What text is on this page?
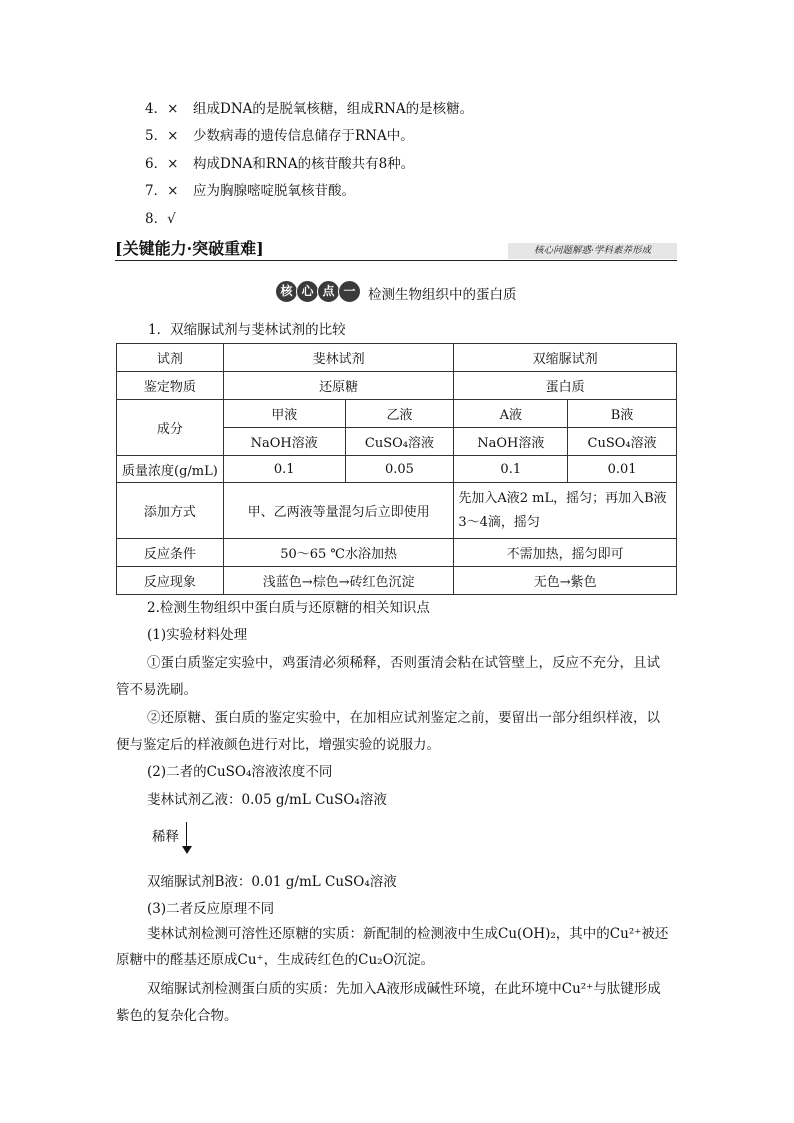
4．× 组成DNA的是脱氧核糖，组成RNA的是核糖。
5．× 少数病毒的遗传信息储存于RNA中。
6．× 构成DNA和RNA的核苷酸共有8种。
7．× 应为胸腺嘧啶脱氧核苷酸。
8．√
[关键能力·突破重难]	核心问题解惑·学科素养形成
核 心 点 一 检测生物组织中的蛋白质
1．双缩脲试剂与斐林试剂的比较
试剂	斐林试剂		双缩脲试剂	
鉴定物质	还原糖		蛋白质	
成分	甲液	乙液	A液	B液
	NaOH溶液	CuSO₄溶液	NaOH溶液	CuSO₄溶液
质量浓度(g/mL)	0.1	0.05	0.1	0.01
添加方式	甲、乙两液等量混匀后立即使用		先加入A液2 mL，摇匀；再加入B液3～4滴，摇匀	
反应条件	50～65 ℃水浴加热		不需加热，摇匀即可	
反应现象	浅蓝色→棕色→砖红色沉淀		无色→紫色	
2.检测生物组织中蛋白质与还原糖的相关知识点
(1)实验材料处理
①蛋白质鉴定实验中，鸡蛋清必须稀释，否则蛋清会粘在试管壁上，反应不充分，且试
管不易洗刷。
②还原糖、蛋白质的鉴定实验中，在加相应试剂鉴定之前，要留出一部分组织样液，以
便与鉴定后的样液颜色进行对比，增强实验的说服力。
(2)二者的CuSO₄溶液浓度不同
斐林试剂乙液：0.05 g/mL CuSO₄溶液
稀释
双缩脲试剂B液：0.01 g/mL CuSO₄溶液
(3)二者反应原理不同
斐林试剂检测可溶性还原糖的实质：新配制的检测液中生成Cu(OH)₂，其中的Cu²⁺被还
原糖中的醛基还原成Cu⁺，生成砖红色的Cu₂O沉淀。
双缩脲试剂检测蛋白质的实质：先加入A液形成碱性环境，在此环境中Cu²⁺与肽键形成
紫色的复杂化合物。
